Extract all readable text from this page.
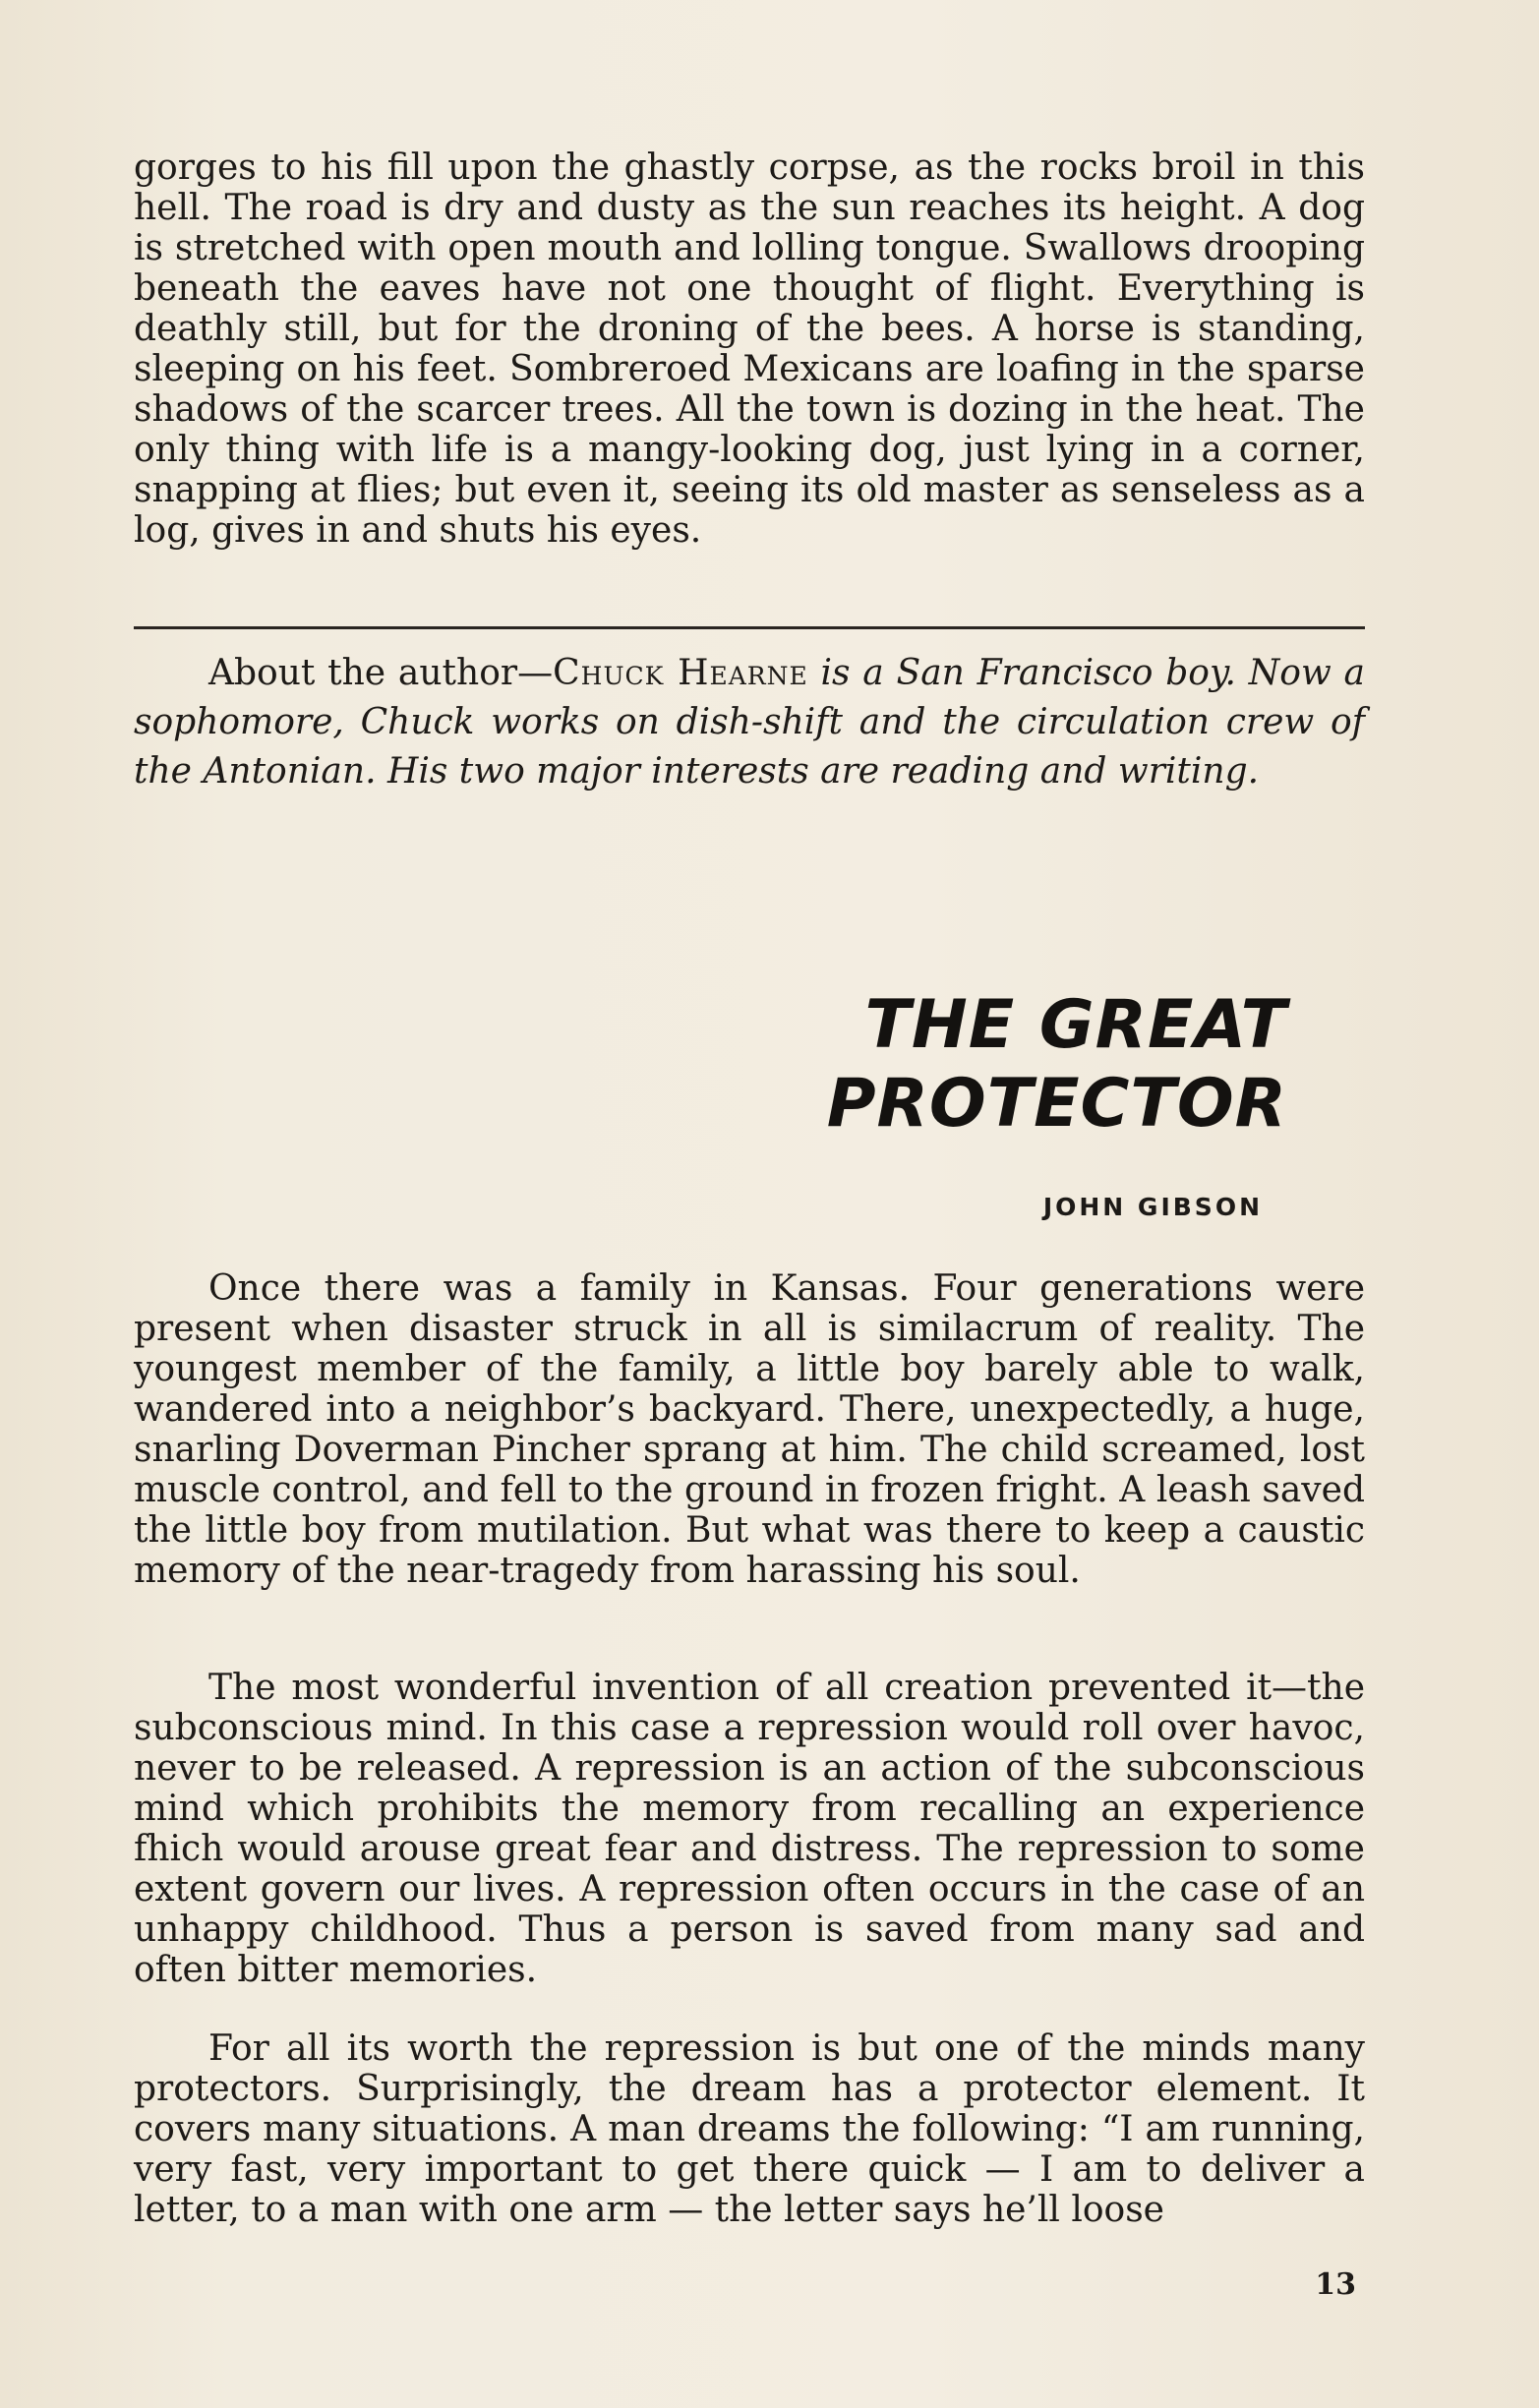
gorges to his fill upon the ghastly corpse, as the rocks broil in this hell. The road is dry and dusty as the sun reaches its height. A dog is stretched with open mouth and lolling tongue. Swallows drooping beneath the eaves have not one thought of flight. Everything is deathly still, but for the droning of the bees. A horse is standing, sleeping on his feet. Sombreroed Mexicans are loafing in the sparse shadows of the scarcer trees. All the town is dozing in the heat. The only thing with life is a mangy-looking dog, just lying in a corner, snapping at flies; but even it, seeing its old master as senseless as a log, gives in and shuts his eyes.

About the author—Chuck Hearne is a San Francisco boy. Now a sophomore, Chuck works on dish-shift and the circulation crew of the Antonian. His two major interests are reading and writing.

THE GREAT
PROTECTOR
JOHN GIBSON

Once there was a family in Kansas. Four generations were present when disaster struck in all is similacrum of reality. The youngest member of the family, a little boy barely able to walk, wandered into a neighbor’s backyard. There, unexpectedly, a huge, snarling Doverman Pincher sprang at him. The child screamed, lost muscle control, and fell to the ground in frozen fright. A leash saved the little boy from mutilation. But what was there to keep a caustic memory of the near-tragedy from harassing his soul.

The most wonderful invention of all creation prevented it—the subconscious mind. In this case a repression would roll over havoc, never to be released. A repression is an action of the subconscious mind which prohibits the memory from recalling an experience fhich would arouse great fear and distress. The repression to some extent govern our lives. A repression often occurs in the case of an unhappy childhood. Thus a person is saved from many sad and often bitter memories.

For all its worth the repression is but one of the minds many protectors. Surprisingly, the dream has a protector element. It covers many situations. A man dreams the following: “I am running, very fast, very important to get there quick — I am to deliver a letter, to a man with one arm — the letter says he’ll loose

13
